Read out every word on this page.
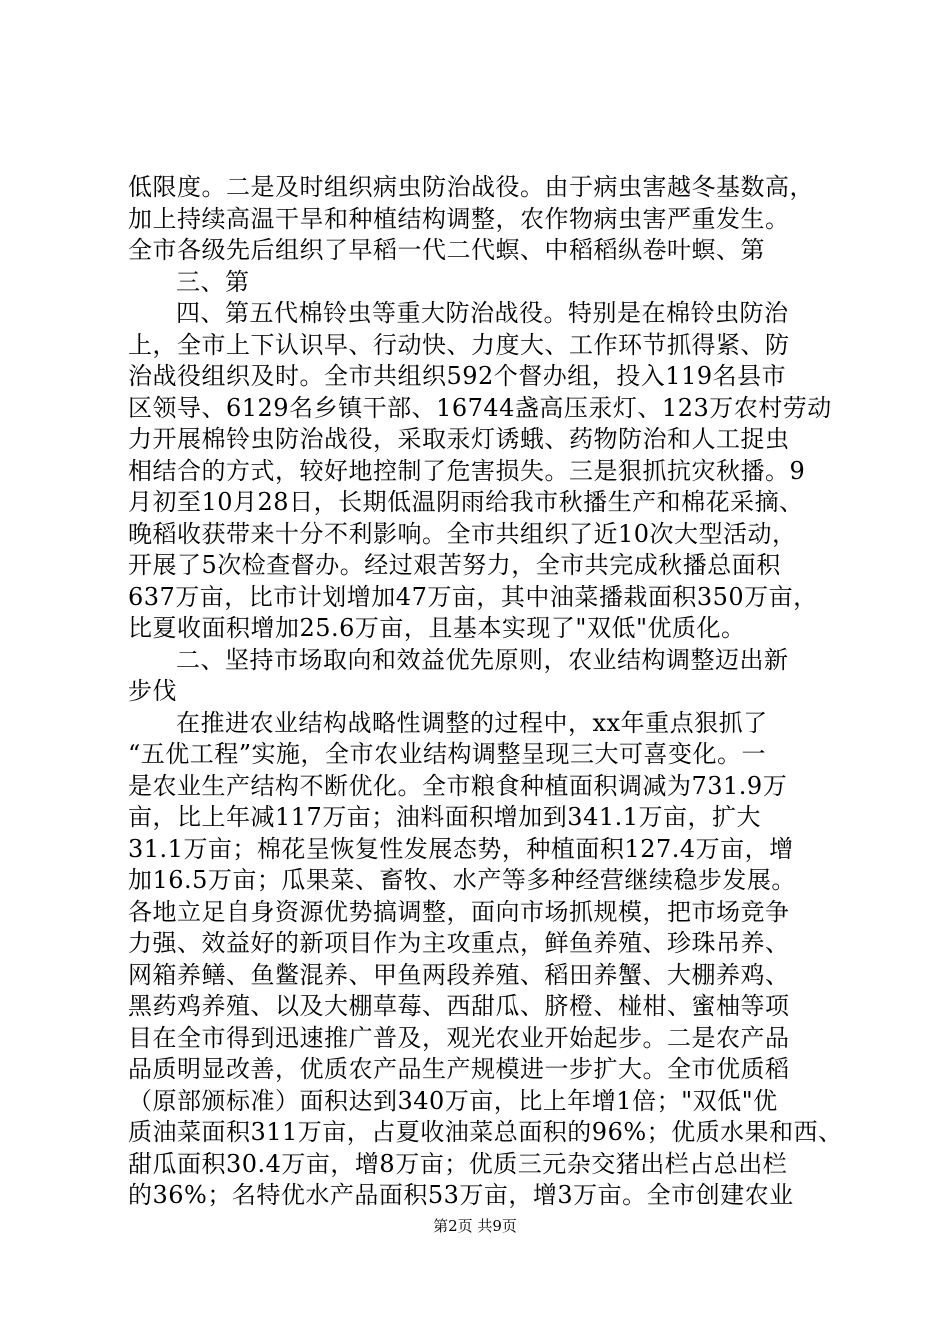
低限度。二是及时组织病虫防治战役。由于病虫害越冬基数高，
加上持续高温干旱和种植结构调整，农作物病虫害严重发生。
全市各级先后组织了早稻一代二代螟、中稻稻纵卷叶螟、第
三、第
四、第五代棉铃虫等重大防治战役。特别是在棉铃虫防治
上，全市上下认识早、行动快、力度大、工作环节抓得紧、防
治战役组织及时。全市共组织592个督办组，投入119名县市
区领导、6129名乡镇干部、16744盏高压汞灯、123万农村劳动
力开展棉铃虫防治战役，采取汞灯诱蛾、药物防治和人工捉虫
相结合的方式，较好地控制了危害损失。三是狠抓抗灾秋播。9
月初至10月28日，长期低温阴雨给我市秋播生产和棉花采摘、
晚稻收获带来十分不利影响。全市共组织了近10次大型活动，
开展了5次检查督办。经过艰苦努力，全市共完成秋播总面积
637万亩，比市计划增加47万亩，其中油菜播栽面积350万亩，
比夏收面积增加25.6万亩，且基本实现了"双低"优质化。
二、坚持市场取向和效益优先原则，农业结构调整迈出新
步伐
在推进农业结构战略性调整的过程中，xx年重点狠抓了
“五优工程”实施，全市农业结构调整呈现三大可喜变化。一
是农业生产结构不断优化。全市粮食种植面积调减为731.9万
亩，比上年减117万亩；油料面积增加到341.1万亩，扩大
31.1万亩；棉花呈恢复性发展态势，种植面积127.4万亩，增
加16.5万亩；瓜果菜、畜牧、水产等多种经营继续稳步发展。
各地立足自身资源优势搞调整，面向市场抓规模，把市场竞争
力强、效益好的新项目作为主攻重点，鲜鱼养殖、珍珠吊养、
网箱养鳝、鱼鳖混养、甲鱼两段养殖、稻田养蟹、大棚养鸡、
黑药鸡养殖、以及大棚草莓、西甜瓜、脐橙、椪柑、蜜柚等项
目在全市得到迅速推广普及，观光农业开始起步。二是农产品
品质明显改善，优质农产品生产规模进一步扩大。全市优质稻
（原部颁标准）面积达到340万亩，比上年增1倍；"双低"优
质油菜面积311万亩，占夏收油菜总面积的96%；优质水果和西、
甜瓜面积30.4万亩，增8万亩；优质三元杂交猪出栏占总出栏
的36%；名特优水产品面积53万亩，增3万亩。全市创建农业
第2页 共9页
